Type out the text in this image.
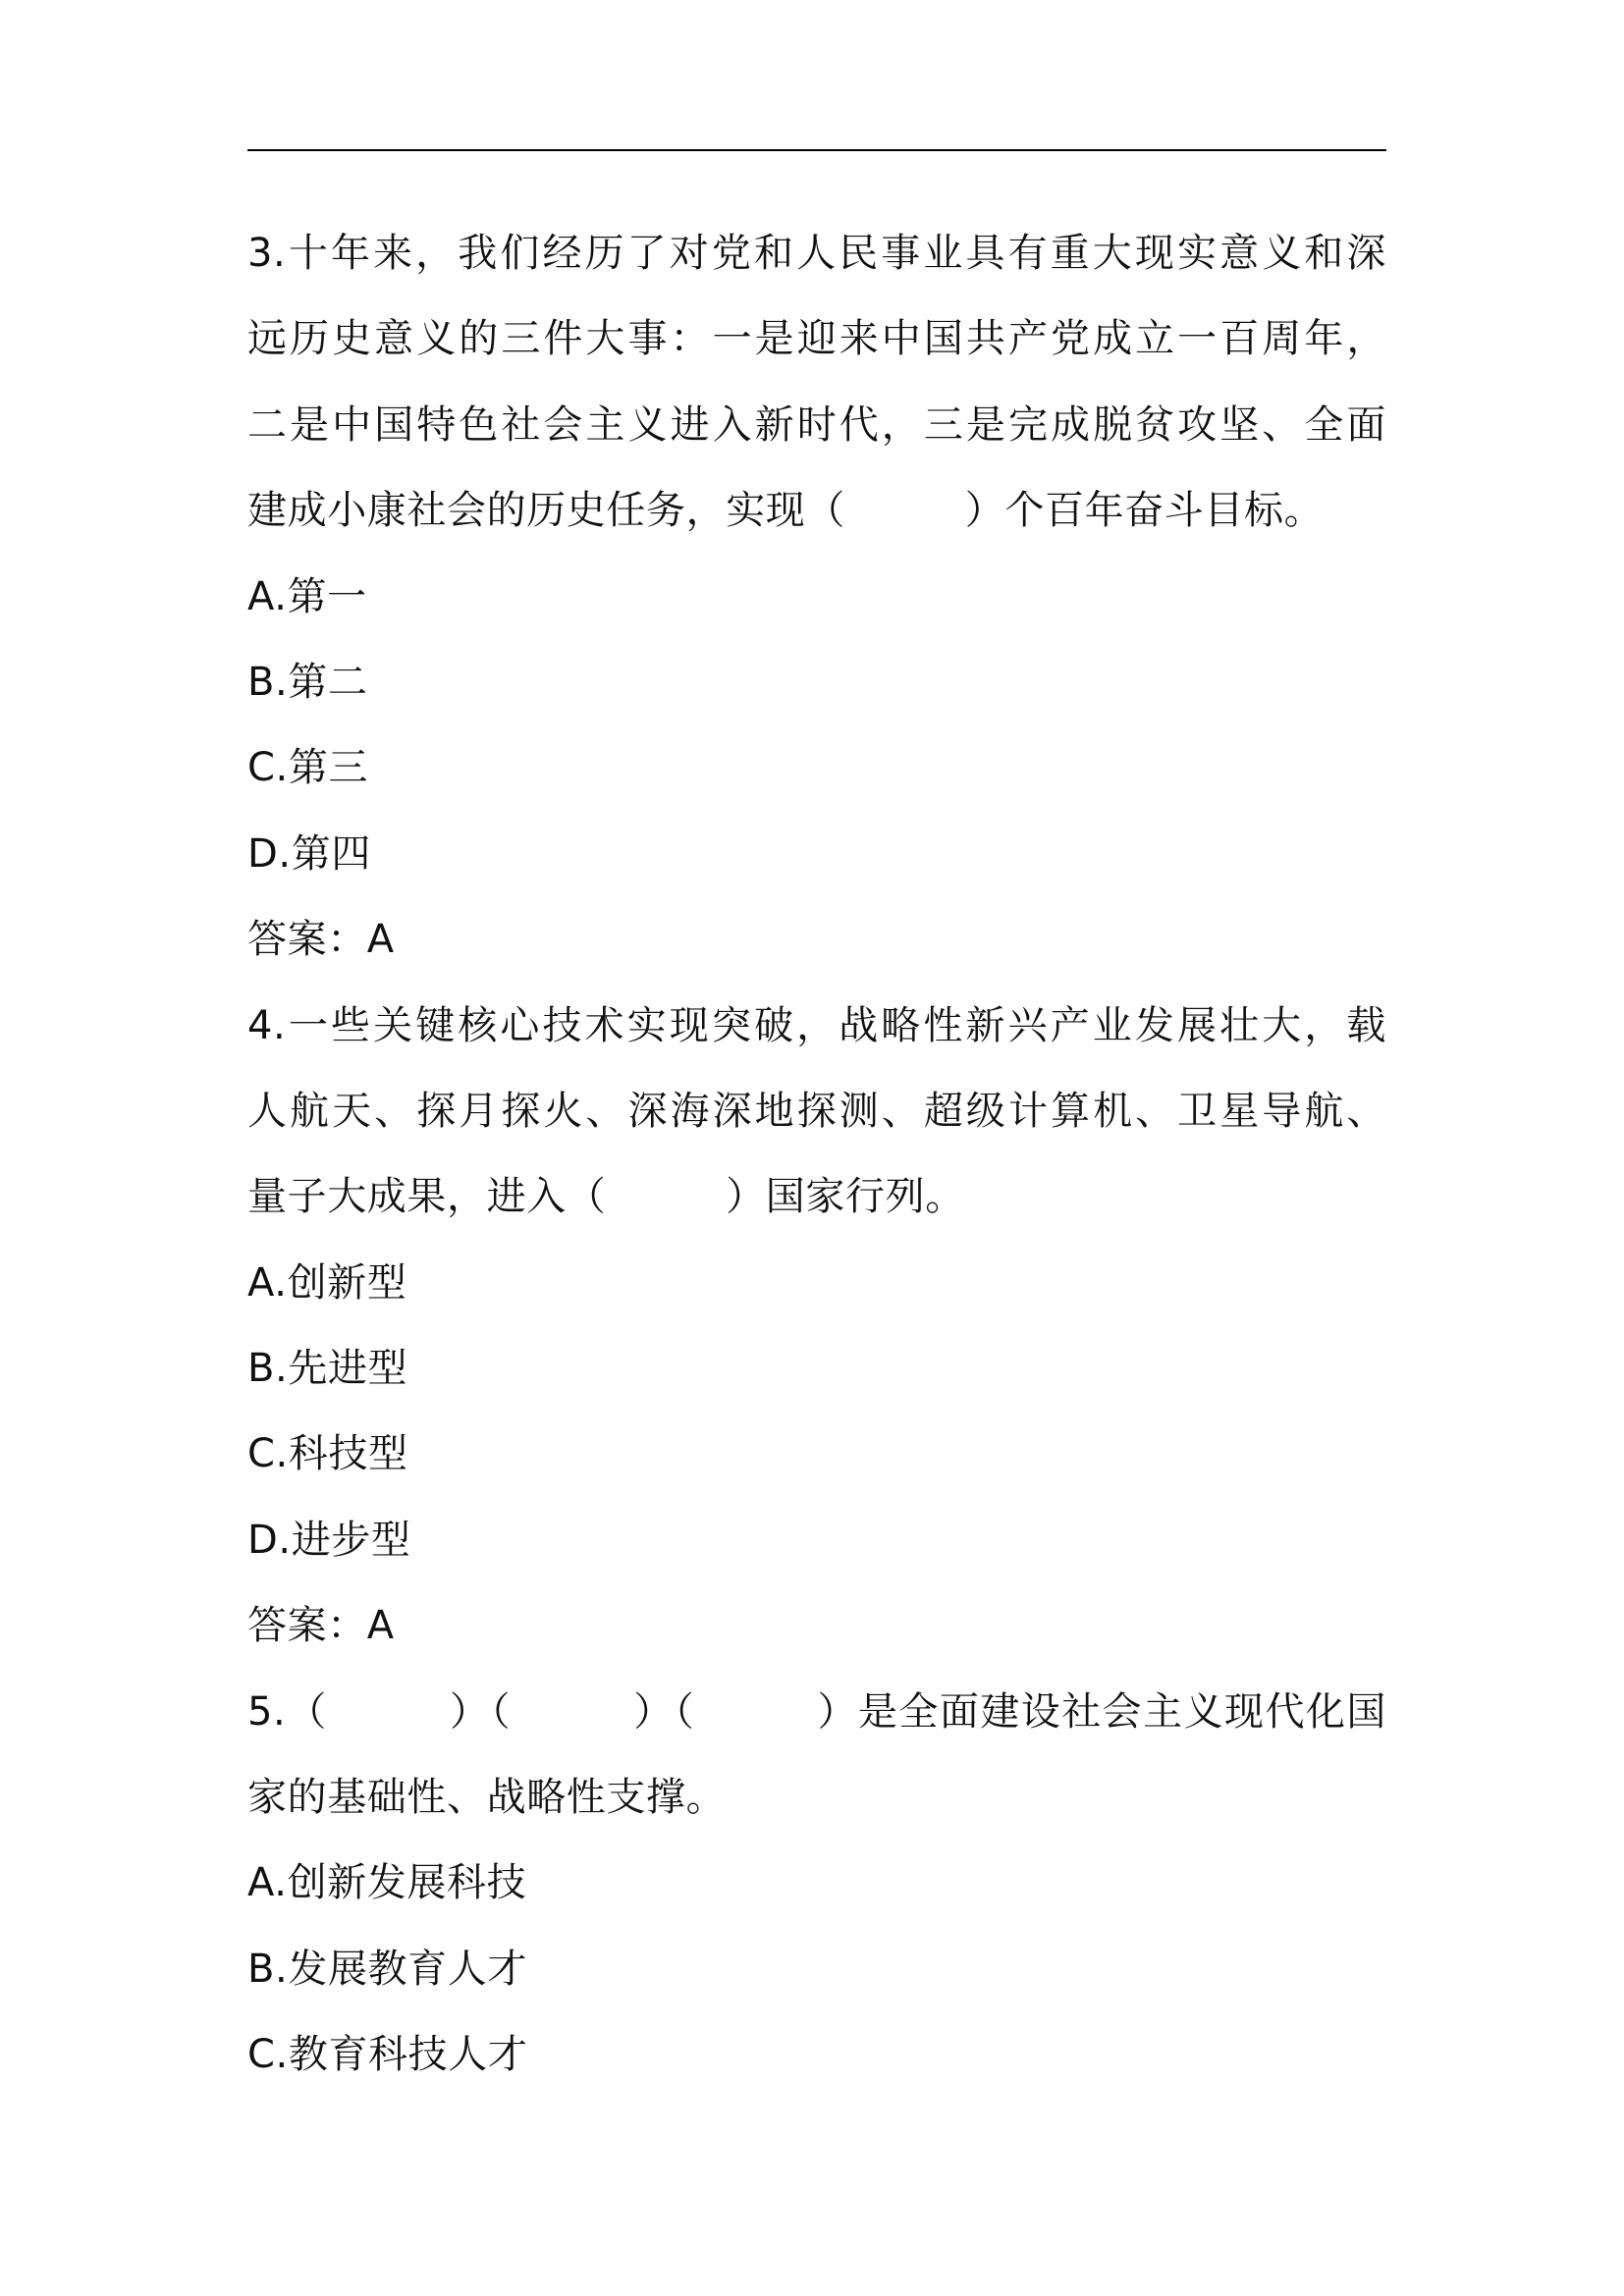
3.十年来，我们经历了对党和人民事业具有重大现实意义和深
远历史意义的三件大事：一是迎来中国共产党成立一百周年，
二是中国特色社会主义进入新时代，三是完成脱贫攻坚、全面
建成小康社会的历史任务，实现（　　　）个百年奋斗目标。
A.第一
B.第二
C.第三
D.第四
答案：A
4.一些关键核心技术实现突破，战略性新兴产业发展壮大，载
人航天、探月探火、深海深地探测、超级计算机、卫星导航、
量子大成果，进入（　　　）国家行列。
A.创新型
B.先进型
C.科技型
D.进步型
答案：A
5.（　　　）（　　　）（　　　）是全面建设社会主义现代化国
家的基础性、战略性支撑。
A.创新发展科技
B.发展教育人才
C.教育科技人才
